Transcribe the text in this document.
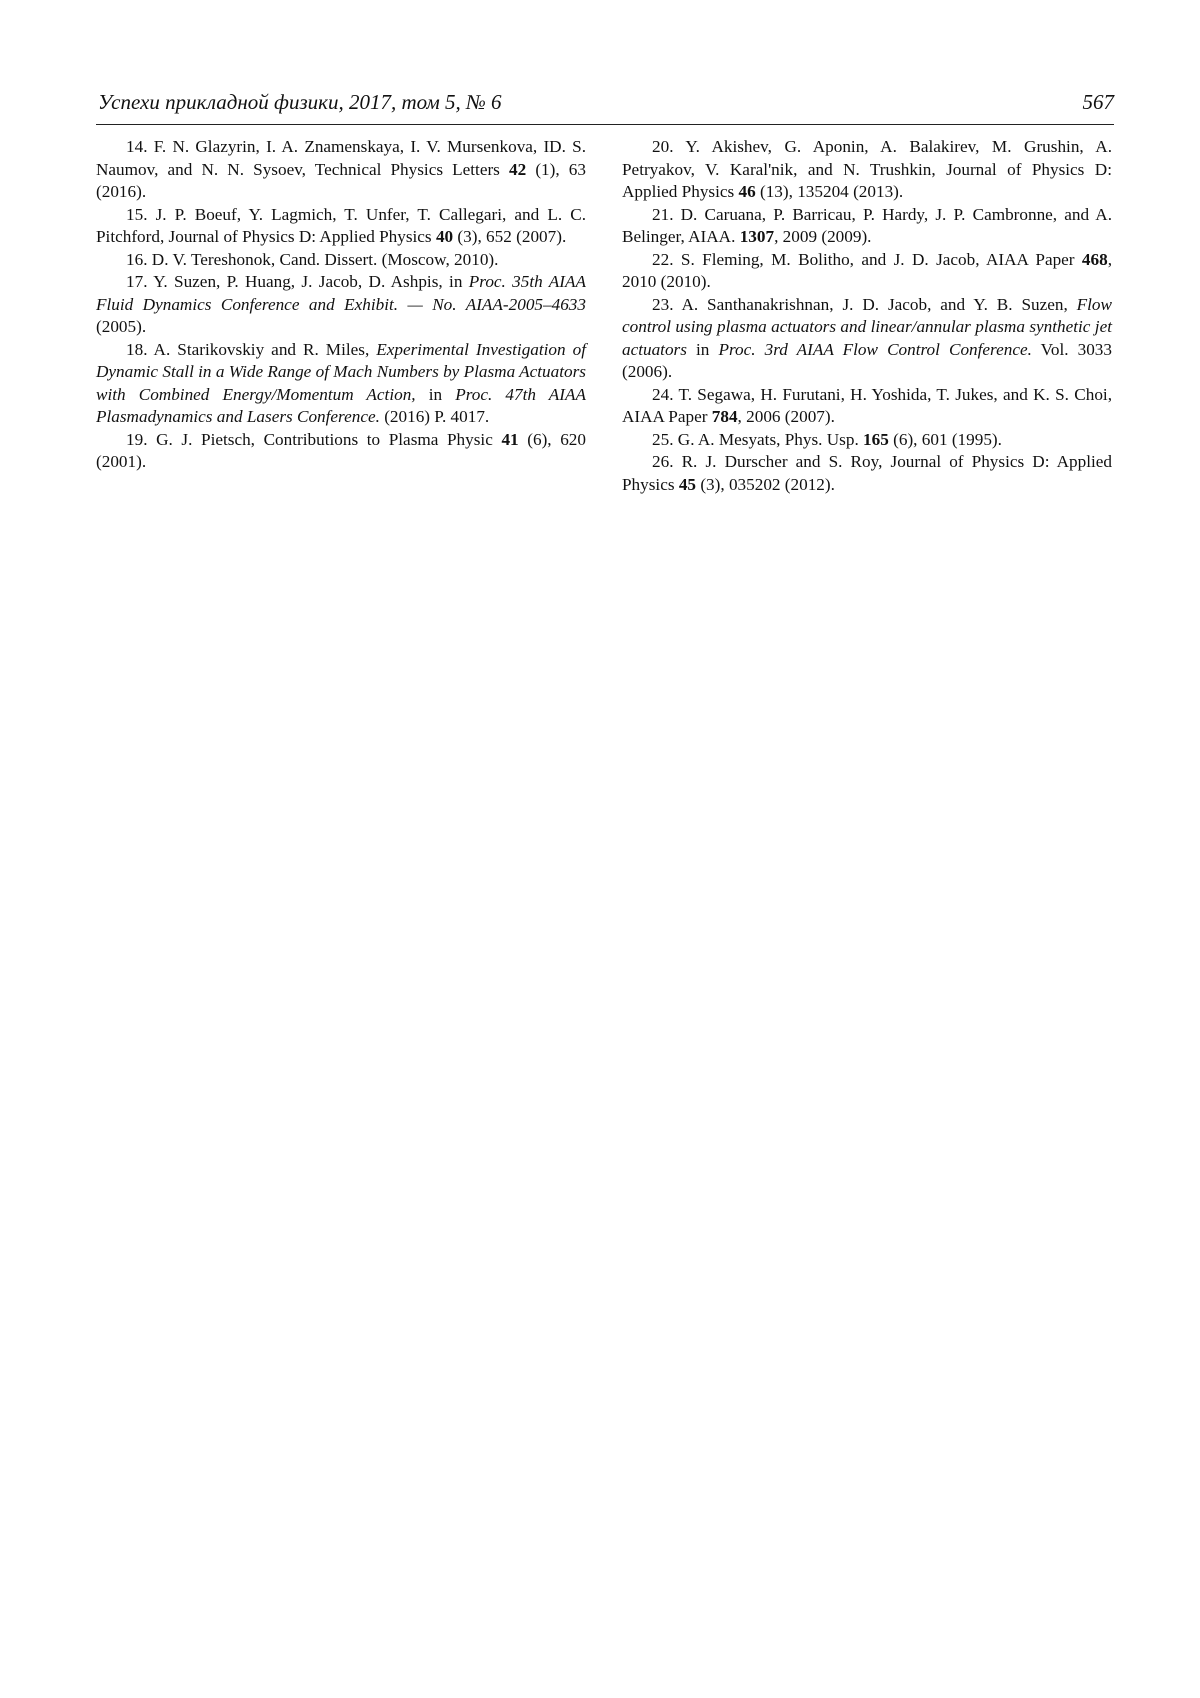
Успехи прикладной физики, 2017, том 5, № 6	567

14. F. N. Glazyrin, I. A. Znamenskaya, I. V. Mursenkova, ID. S. Naumov, and N. N. Sysoev, Technical Physics Letters 42 (1), 63 (2016).

15. J. P. Boeuf, Y. Lagmich, T. Unfer, T. Callegari, and L. C. Pitchford, Journal of Physics D: Applied Physics 40 (3), 652 (2007).

16. D. V. Tereshonok, Cand. Dissert. (Moscow, 2010).

17. Y. Suzen, P. Huang, J. Jacob, D. Ashpis, in Proc. 35th AIAA Fluid Dynamics Conference and Exhibit. — No. AIAA-2005–4633 (2005).

18. A. Starikovskiy and R. Miles, Experimental Investigation of Dynamic Stall in a Wide Range of Mach Numbers by Plasma Actuators with Combined Energy/Momentum Action, in Proc. 47th AIAA Plasmadynamics and Lasers Conference. (2016) P. 4017.

19. G. J. Pietsch, Contributions to Plasma Physic 41 (6), 620 (2001).

20. Y. Akishev, G. Aponin, A. Balakirev, M. Grushin, A. Petryakov, V. Karal'nik, and N. Trushkin, Journal of Physics D: Applied Physics 46 (13), 135204 (2013).

21. D. Caruana, P. Barricau, P. Hardy, J. P. Cambronne, and A. Belinger, AIAA. 1307, 2009 (2009).

22. S. Fleming, M. Bolitho, and J. D. Jacob, AIAA Paper 468, 2010 (2010).

23. A. Santhanakrishnan, J. D. Jacob, and Y. B. Suzen, Flow control using plasma actuators and linear/annular plasma synthetic jet actuators in Proc. 3rd AIAA Flow Control Conference. Vol. 3033 (2006).

24. T. Segawa, H. Furutani, H. Yoshida, T. Jukes, and K. S. Choi, AIAA Paper 784, 2006 (2007).

25. G. A. Mesyats, Phys. Usp. 165 (6), 601 (1995).

26. R. J. Durscher and S. Roy, Journal of Physics D: Applied Physics 45 (3), 035202 (2012).
